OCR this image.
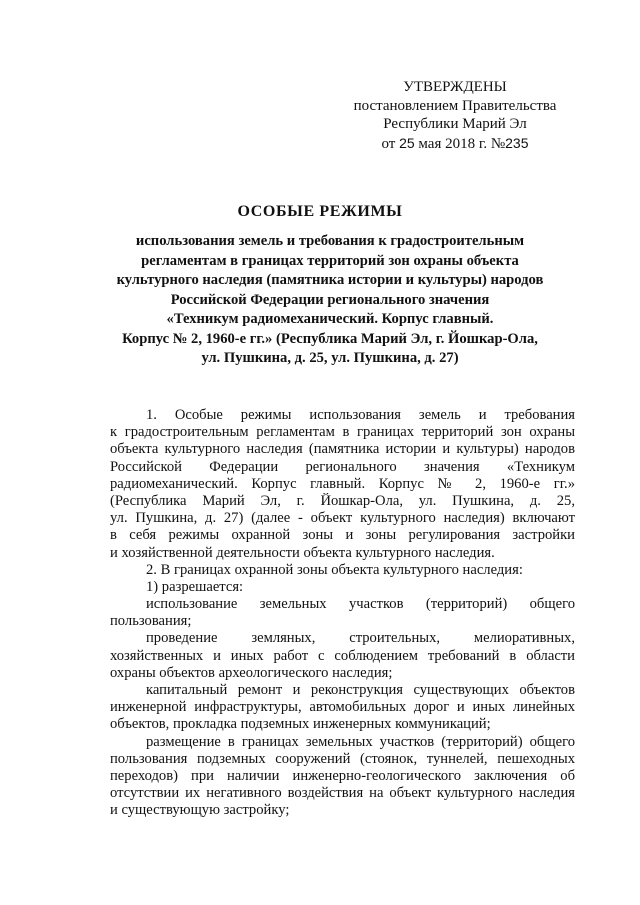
УТВЕРЖДЕНЫ
постановлением Правительства
Республики Марий Эл
от 25 мая 2018 г. №235
ОСОБЫЕ РЕЖИМЫ
использования земель и требования к градостроительным
регламентам в границах территорий зон охраны объекта
культурного наследия (памятника истории и культуры) народов
Российской Федерации регионального значения
«Техникум радиомеханический. Корпус главный.
Корпус № 2, 1960-е гг.» (Республика Марий Эл, г. Йошкар-Ола,
ул. Пушкина, д. 25, ул. Пушкина, д. 27)
1. Особые режимы использования земель и требования
к градостроительным регламентам в границах территорий зон охраны
объекта культурного наследия (памятника истории и культуры) народов
Российской Федерации регионального значения «Техникум
радиомеханический. Корпус главный. Корпус № 2, 1960-е гг.»
(Республика Марий Эл, г. Йошкар-Ола, ул. Пушкина, д. 25,
ул. Пушкина, д. 27) (далее - объект культурного наследия) включают
в себя режимы охранной зоны и зоны регулирования застройки
и хозяйственной деятельности объекта культурного наследия.
2. В границах охранной зоны объекта культурного наследия:
1) разрешается:
использование земельных участков (территорий) общего
пользования;
проведение земляных, строительных, мелиоративных,
хозяйственных и иных работ с соблюдением требований в области
охраны объектов археологического наследия;
капитальный ремонт и реконструкция существующих объектов
инженерной инфраструктуры, автомобильных дорог и иных линейных
объектов, прокладка подземных инженерных коммуникаций;
размещение в границах земельных участков (территорий) общего
пользования подземных сооружений (стоянок, туннелей, пешеходных
переходов) при наличии инженерно-геологического заключения об
отсутствии их негативного воздействия на объект культурного наследия
и существующую застройку;
